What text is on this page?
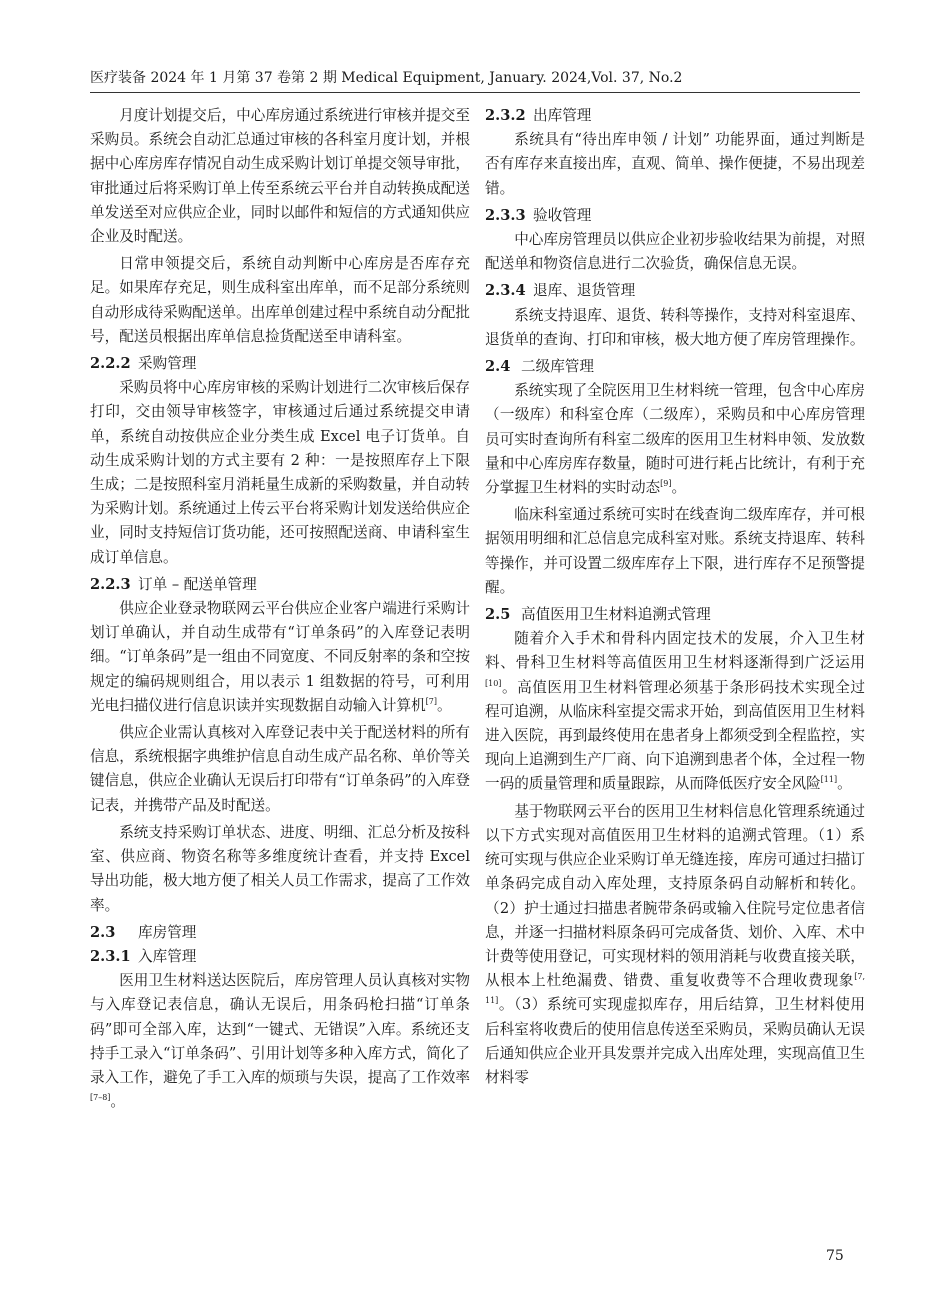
医疗装备 2024 年 1 月第 37 卷第 2 期 Medical Equipment, January. 2024,Vol. 37, No.2

月度计划提交后，中心库房通过系统进行审核并提交至采购员。系统会自动汇总通过审核的各科室月度计划，并根据中心库房库存情况自动生成采购计划订单提交领导审批，审批通过后将采购订单上传至系统云平台并自动转换成配送单发送至对应供应企业，同时以邮件和短信的方式通知供应企业及时配送。

日常申领提交后，系统自动判断中心库房是否库存充足。如果库存充足，则生成科室出库单，而不足部分系统则自动形成待采购配送单。出库单创建过程中系统自动分配批号，配送员根据出库单信息捡货配送至申请科室。

2.2.2 采购管理

采购员将中心库房审核的采购计划进行二次审核后保存打印，交由领导审核签字，审核通过后通过系统提交申请单，系统自动按供应企业分类生成 Excel 电子订货单。自动生成采购计划的方式主要有 2 种：一是按照库存上下限生成；二是按照科室月消耗量生成新的采购数量，并自动转为采购计划。系统通过上传云平台将采购计划发送给供应企业，同时支持短信订货功能，还可按照配送商、申请科室生成订单信息。

2.2.3 订单 – 配送单管理

供应企业登录物联网云平台供应企业客户端进行采购计划订单确认，并自动生成带有“订单条码”的入库登记表明细。“订单条码”是一组由不同宽度、不同反射率的条和空按规定的编码规则组合，用以表示 1 组数据的符号，可利用光电扫描仪进行信息识读并实现数据自动输入计算机[7]。

供应企业需认真核对入库登记表中关于配送材料的所有信息，系统根据字典维护信息自动生成产品名称、单价等关键信息，供应企业确认无误后打印带有“订单条码”的入库登记表，并携带产品及时配送。

系统支持采购订单状态、进度、明细、汇总分析及按科室、供应商、物资名称等多维度统计查看，并支持 Excel 导出功能，极大地方便了相关人员工作需求，提高了工作效率。

2.3 库房管理

2.3.1 入库管理

医用卫生材料送达医院后，库房管理人员认真核对实物与入库登记表信息，确认无误后，用条码枪扫描“订单条码”即可全部入库，达到“一键式、无错误”入库。系统还支持手工录入“订单条码”、引用计划等多种入库方式，简化了录入工作，避免了手工入库的烦琐与失误，提高了工作效率[7–8]。

2.3.2 出库管理

系统具有“待出库申领 / 计划” 功能界面，通过判断是否有库存来直接出库，直观、简单、操作便捷，不易出现差错。

2.3.3 验收管理

中心库房管理员以供应企业初步验收结果为前提，对照配送单和物资信息进行二次验货，确保信息无误。

2.3.4 退库、退货管理

系统支持退库、退货、转科等操作，支持对科室退库、退货单的查询、打印和审核，极大地方便了库房管理操作。

2.4 二级库管理

系统实现了全院医用卫生材料统一管理，包含中心库房（一级库）和科室仓库（二级库），采购员和中心库房管理员可实时查询所有科室二级库的医用卫生材料申领、发放数量和中心库房库存数量，随时可进行耗占比统计，有利于充分掌握卫生材料的实时动态[9]。

临床科室通过系统可实时在线查询二级库库存，并可根据领用明细和汇总信息完成科室对账。系统支持退库、转科等操作，并可设置二级库库存上下限，进行库存不足预警提醒。

2.5 高值医用卫生材料追溯式管理

随着介入手术和骨科内固定技术的发展，介入卫生材料、骨科卫生材料等高值医用卫生材料逐渐得到广泛运用[10]。高值医用卫生材料管理必须基于条形码技术实现全过程可追溯，从临床科室提交需求开始，到高值医用卫生材料进入医院，再到最终使用在患者身上都须受到全程监控，实现向上追溯到生产厂商、向下追溯到患者个体，全过程一物一码的质量管理和质量跟踪，从而降低医疗安全风险[11]。

基于物联网云平台的医用卫生材料信息化管理系统通过以下方式实现对高值医用卫生材料的追溯式管理。（1）系统可实现与供应企业采购订单无缝连接，库房可通过扫描订单条码完成自动入库处理，支持原条码自动解析和转化。（2）护士通过扫描患者腕带条码或输入住院号定位患者信息，并逐一扫描材料原条码可完成备货、划价、入库、术中计费等使用登记，可实现材料的领用消耗与收费直接关联，从根本上杜绝漏费、错费、重复收费等不合理收费现象[7, 11]。（3）系统可实现虚拟库存，用后结算，卫生材料使用后科室将收费后的使用信息传送至采购员，采购员确认无误后通知供应企业开具发票并完成入出库处理，实现高值卫生材料零

75
